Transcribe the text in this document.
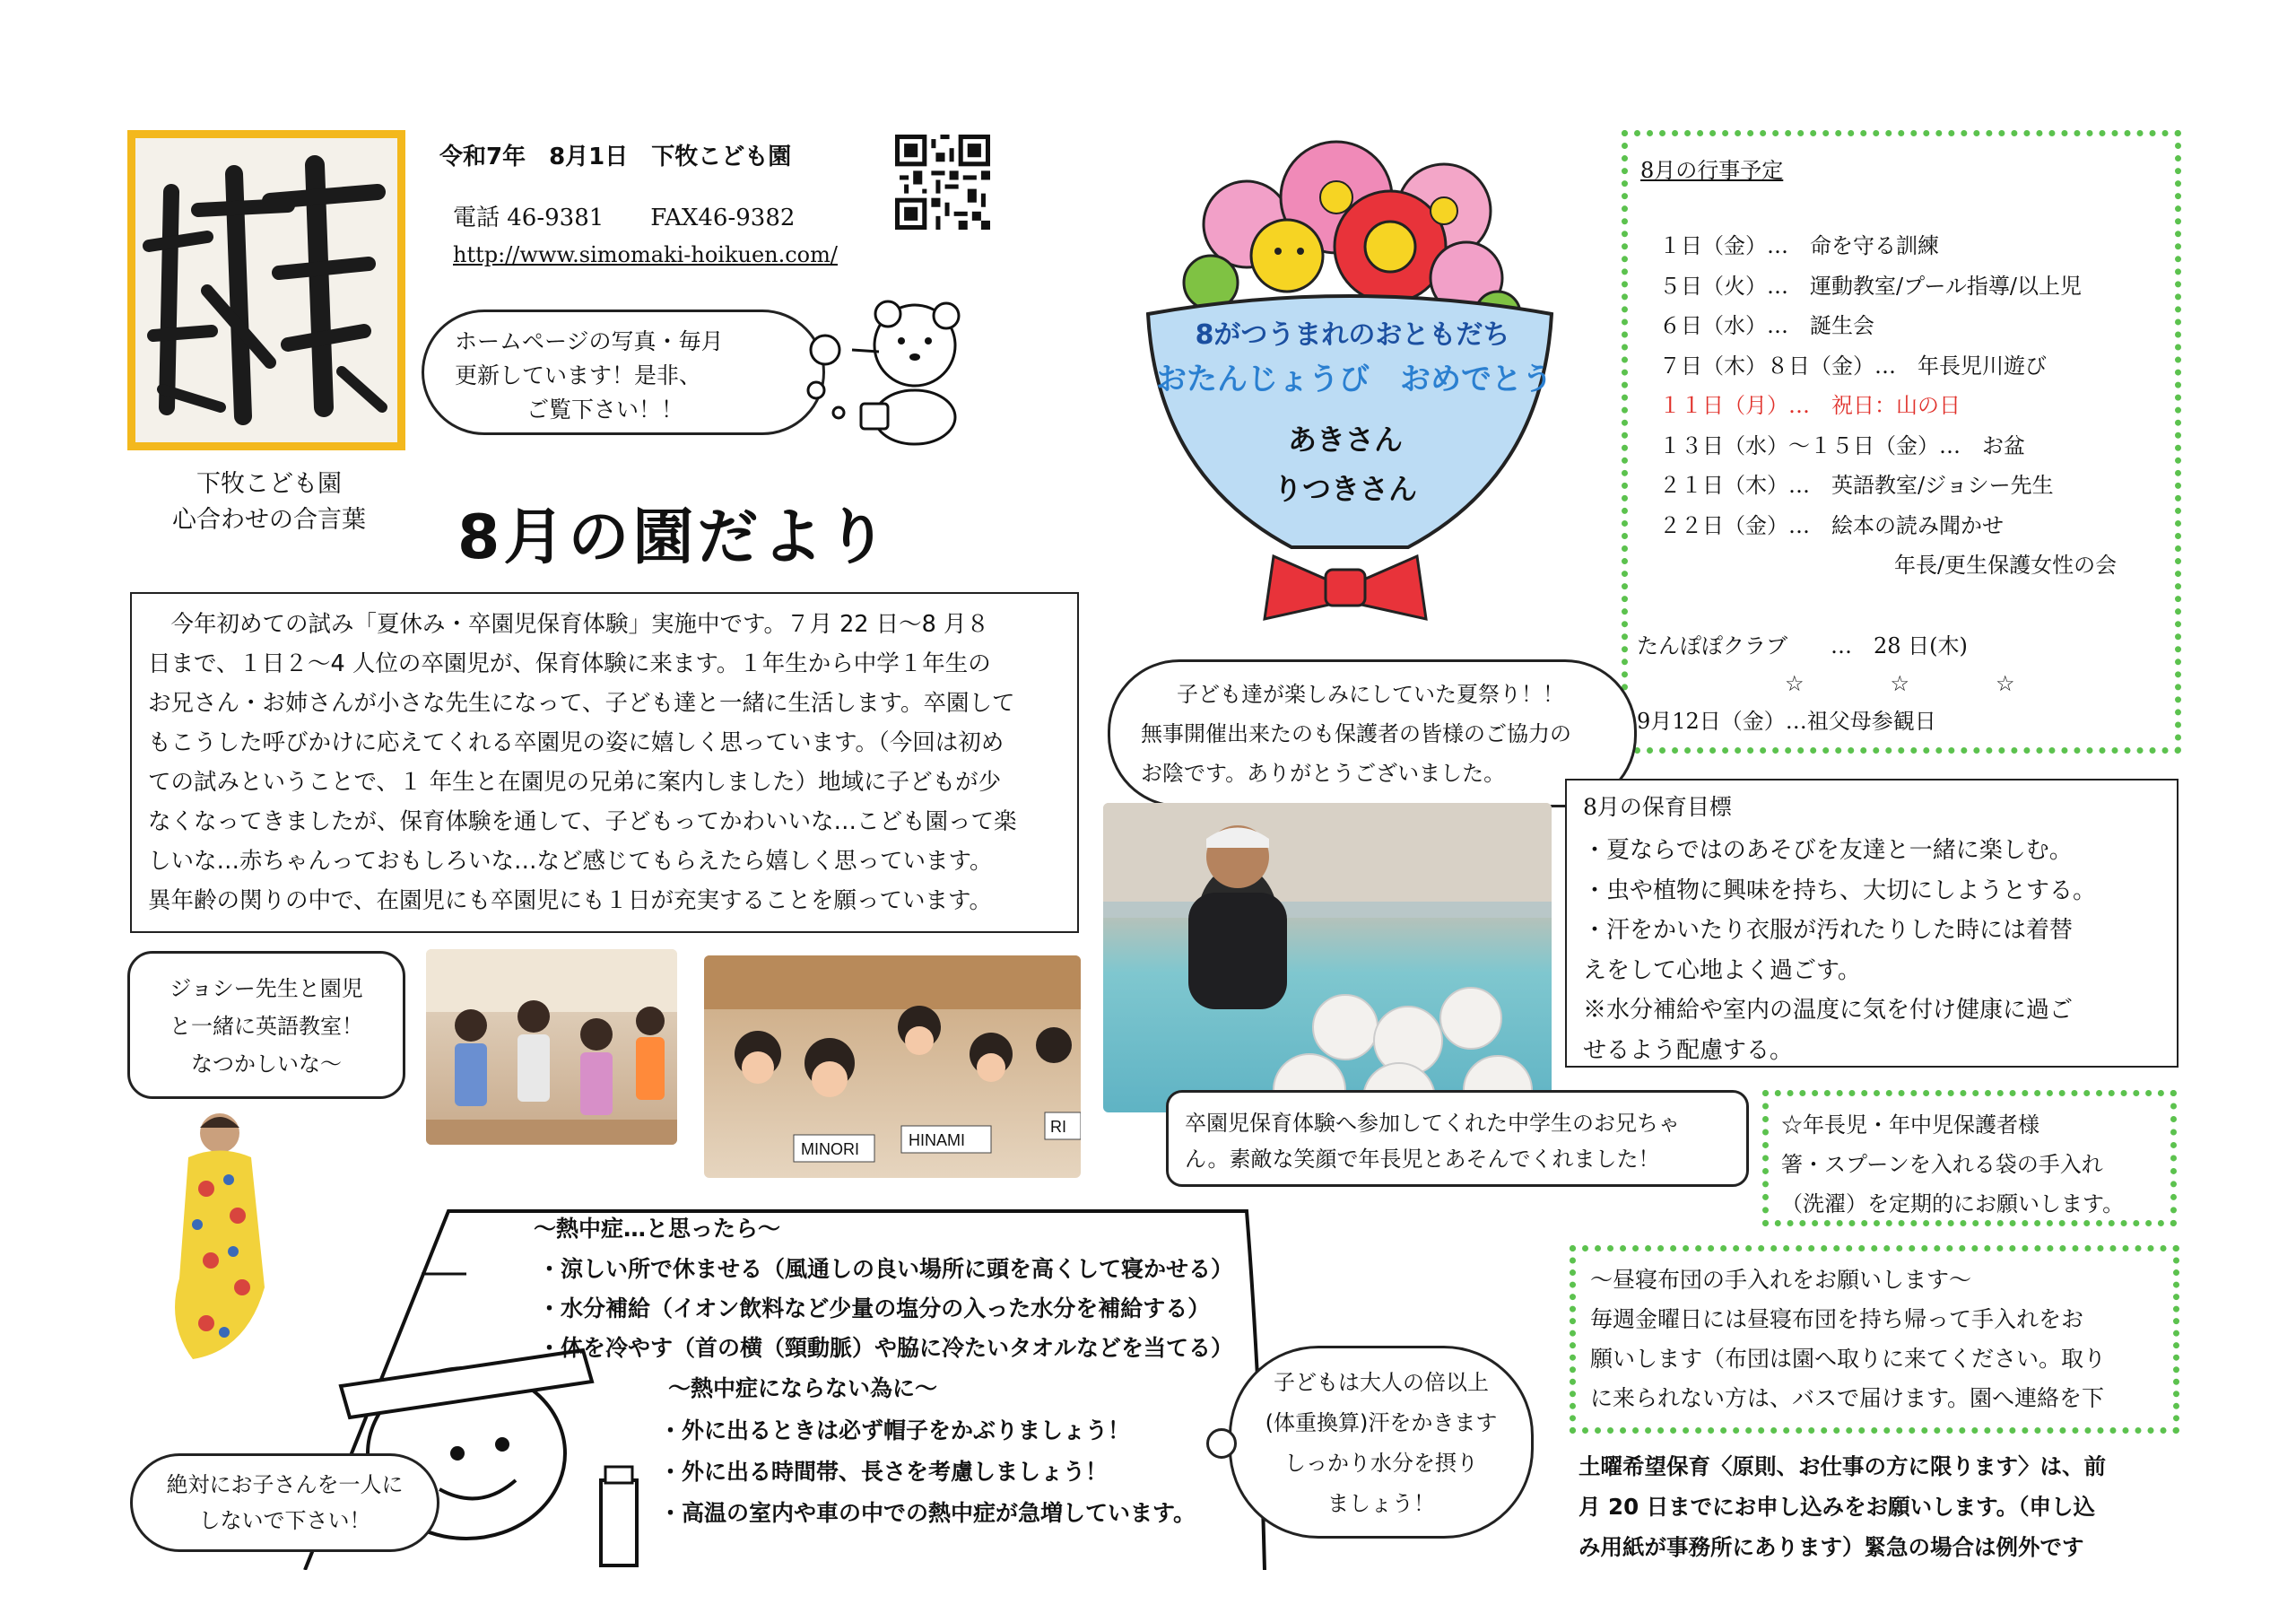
下牧こども園
心合わせの合言葉
令和7年　8月1日　下牧こども園
電話 46-9381　　FAX46-9382
http://www.simomaki-hoikuen.com/
ホームページの写真・毎月
更新しています！是非、
ご覧下さい！！
8月の園だより
8がつうまれのおともだち
おたんじょうび　おめでとう
あきさん
りつきさん
8月の行事予定
１日（金）…　命を守る訓練
５日（火）…　運動教室/プール指導/以上児
６日（水）…　誕生会
７日（木）８日（金）…　年長児川遊び
１１日（月）…　祝日：山の日
１３日（水）～１５日（金）…　お盆
２１日（木）…　英語教室/ジョシー先生
２２日（金）…　絵本の読み聞かせ
年長/更生保護女性の会
たんぽぽクラブ　　…　28 日(木)
☆　　　　☆　　　　☆
9月12日（金）…祖父母参観日
　今年初めての試み「夏休み・卒園児保育体験」実施中です。７月 22 日～8 月８
日まで、１日２～4 人位の卒園児が、保育体験に来ます。１年生から中学１年生の
お兄さん・お姉さんが小さな先生になって、子ども達と一緒に生活します。卒園して
もこうした呼びかけに応えてくれる卒園児の姿に嬉しく思っています。（今回は初め
ての試みということで、１ 年生と在園児の兄弟に案内しました）地域に子どもが少
なくなってきましたが、保育体験を通して、子どもってかわいいな…こども園って楽
しいな…赤ちゃんっておもしろいな…など感じてもらえたら嬉しく思っています。
異年齢の関りの中で、在園児にも卒園児にも１日が充実することを願っています。
子ども達が楽しみにしていた夏祭り！！
無事開催出来たのも保護者の皆様のご協力の
お陰です。ありがとうございました。
8月の保育目標
・夏ならではのあそびを友達と一緒に楽しむ。
・虫や植物に興味を持ち、大切にしようとする。
・汗をかいたり衣服が汚れたりした時には着替
えをして心地よく過ごす。
※水分補給や室内の温度に気を付け健康に過ご
せるよう配慮する。
ジョシー先生と園児
と一緒に英語教室！
なつかしいな～
MINORI	HINAMI
RI	卒園児保育体験へ参加してくれた中学生のお兄ちゃ
ん。素敵な笑顔で年長児とあそんでくれました！
☆年長児・年中児保護者様
箸・スプーンを入れる袋の手入れ
（洗濯）を定期的にお願いします。
～熱中症…と思ったら～
・涼しい所で休ませる（風通しの良い場所に頭を高くして寝かせる）
・水分補給（イオン飲料など少量の塩分の入った水分を補給する）
・体を冷やす（首の横（頸動脈）や脇に冷たいタオルなどを当てる）
～熱中症にならない為に～
・外に出るときは必ず帽子をかぶりましょう！
・外に出る時間帯、長さを考慮しましょう！
・高温の室内や車の中での熱中症が急増しています。
絶対にお子さんを一人に
しないで下さい！
子どもは大人の倍以上
(体重換算)汗をかきます
しっかり水分を摂り
ましょう！
～昼寝布団の手入れをお願いします～
毎週金曜日には昼寝布団を持ち帰って手入れをお
願いします（布団は園へ取りに来てください。取り
に来られない方は、バスで届けます。園へ連絡を下
土曜希望保育〈原則、お仕事の方に限ります〉は、前
月 20 日までにお申し込みをお願いします。（申し込
み用紙が事務所にあります）緊急の場合は例外です
